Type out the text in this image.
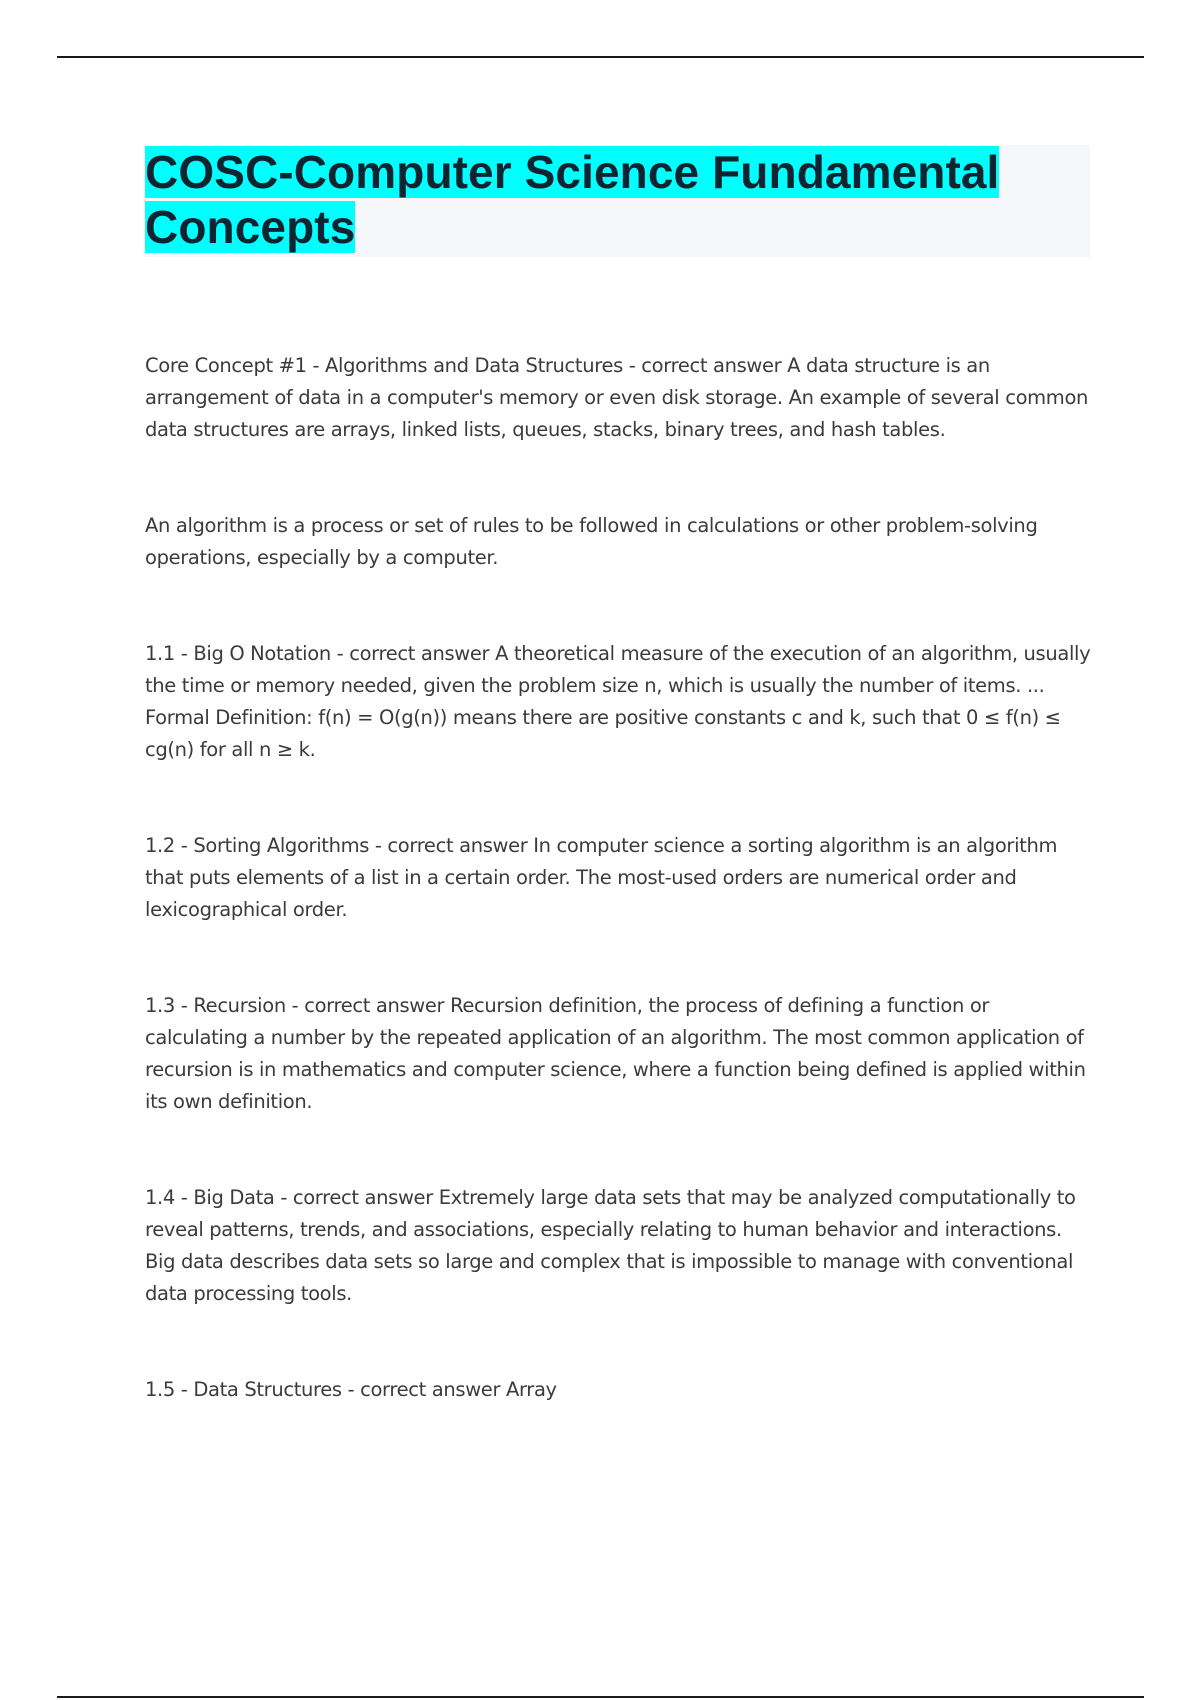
COSC-Computer Science Fundamental Concepts

Core Concept #1 - Algorithms and Data Structures - correct answer A data structure is an arrangement of data in a computer's memory or even disk storage. An example of several common data structures are arrays, linked lists, queues, stacks, binary trees, and hash tables.

An algorithm is a process or set of rules to be followed in calculations or other problem-solving operations, especially by a computer.

1.1 - Big O Notation - correct answer A theoretical measure of the execution of an algorithm, usually the time or memory needed, given the problem size n, which is usually the number of items. ... Formal Definition: f(n) = O(g(n)) means there are positive constants c and k, such that 0 ≤ f(n) ≤ cg(n) for all n ≥ k.

1.2 - Sorting Algorithms - correct answer In computer science a sorting algorithm is an algorithm that puts elements of a list in a certain order. The most-used orders are numerical order and lexicographical order.

1.3 - Recursion - correct answer Recursion definition, the process of defining a function or calculating a number by the repeated application of an algorithm. The most common application of recursion is in mathematics and computer science, where a function being defined is applied within its own definition.

1.4 - Big Data - correct answer Extremely large data sets that may be analyzed computationally to reveal patterns, trends, and associations, especially relating to human behavior and interactions. Big data describes data sets so large and complex that is impossible to manage with conventional data processing tools.

1.5 - Data Structures - correct answer Array
